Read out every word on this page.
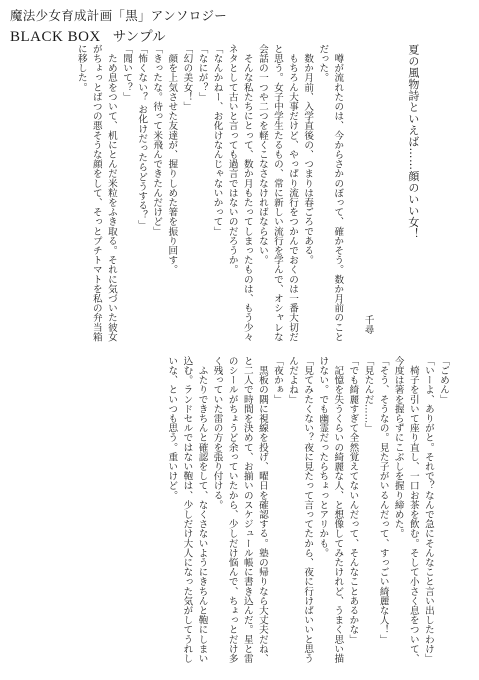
魔法少女育成計画「黒」アンソロジー
BLACK BOX サンプル

夏の風物詩といえば……顔のいい女！

千尋　

　噂が流れたのは、今からさかのぼって、確かそう。数か月前のことだった。
　数か月前、入学直後の、つまりは春ごろである。
　もちろん大事だけど、やっぱり流行をつかんでおくのは一番大切だと思う。女子中学生たるもの、常に新しい流行を学んで、オシャレな会話の一つや二つを軽くこなさなければならない。
　そんな私たちにとって、数か月もたってしまったものは、もう少々ネタとして古いと言っても過言ではないのだろうか。
「なんかねー、お化けなんじゃないかって」
「なにが？」
「幻の美女！」
　顔を上気させた友達が、握りしめた箸を振り回す。
「きったな。待って米飛んできたんだけど」
「怖くない？ お化けだったらどうする？」
「聞いて？」
　ため息をついて、机にとんだ米粒をふき取る。それに気づいた彼女がちょっとばつの悪そうな顔をして、そっとプチトマトを私の弁当箱に移した。
「ごめん」
「いーよ、ありがと。それで？なんで急にそんなこと言い出したわけ」
　椅子を引いて座り直し、一口お茶を飲む。そして小さく息をついて、今度は箸を握らずにこぶしを握り締めた。
「そう、そうなの。見た子がいるんだって、すっごい綺麗な人！」
「見たんだ……」
「でも綺麗すぎて全然覚えてないんだって、そんなことあるかな」
　記憶を失うくらいの綺麗な人、と想像してみたけれど、うまく思い描けない。でも幽霊だったらちょっとアリかも。
「見てみたくない？夜に見たって言ってたから、夜に行けばいいと思うんだよね」
「夜かぁ」
　黒板の隅に視線を投げ、曜日を確認する。塾の帰りなら大丈夫だね、と二人で時間を決めて、お揃いのスケジュール帳に書き込んだ。星と雷のシールがちょうど余っていたから、少しだけ悩んで、ちょっとだけ多く残っていた雷の方を張り付ける。
　ふたりできちんと確認をして、なくさないようにきちんと鞄にしまい込む。ランドセルではない鞄は、少しだけ大人になった気がしてうれしいな、といつも思う。重いけど。
